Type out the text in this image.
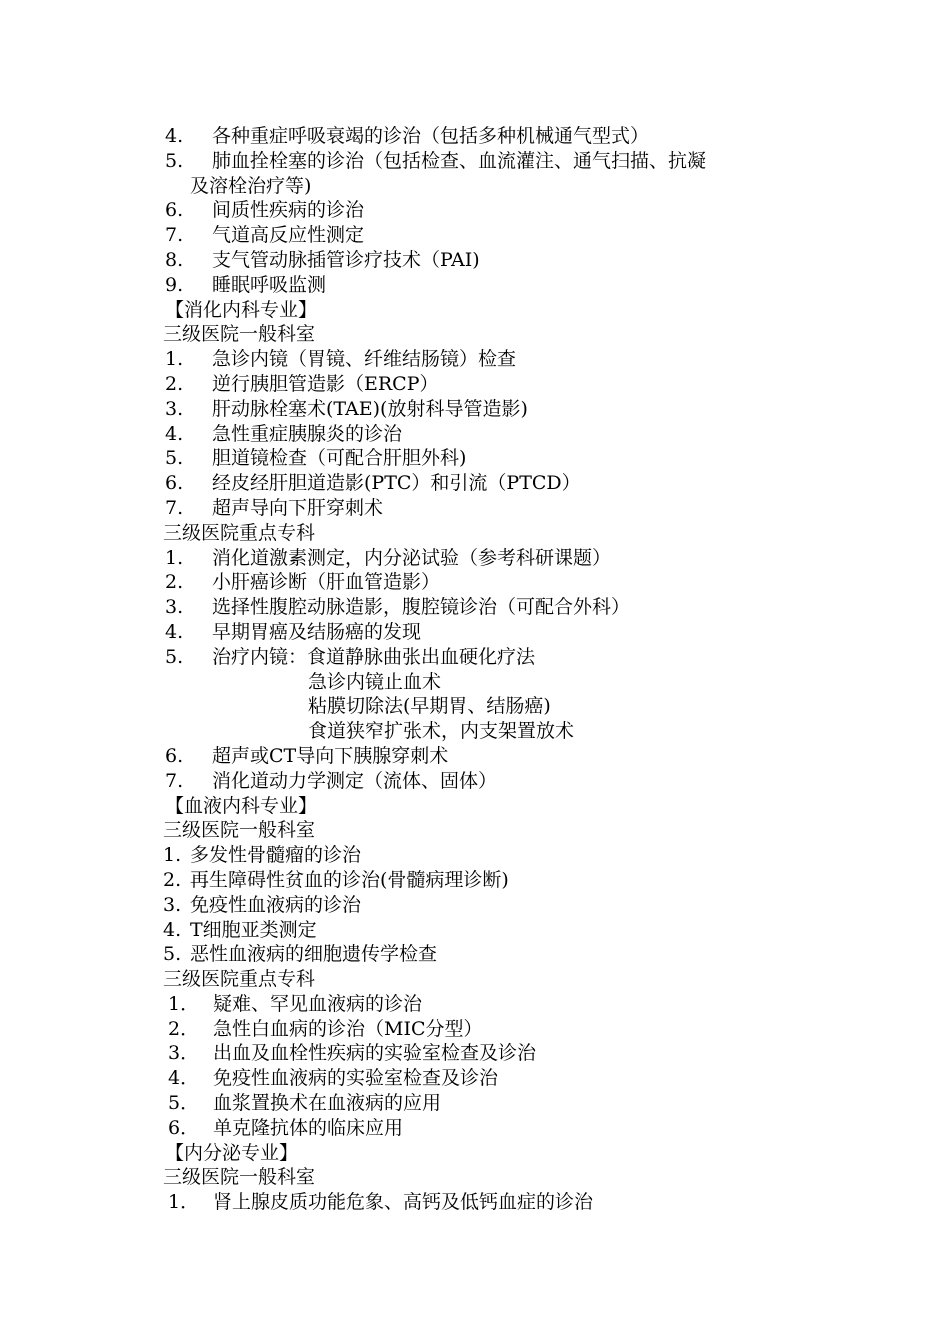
4. 各种重症呼吸衰竭的诊治（包括多种机械通气型式）
5. 肺血拴栓塞的诊治（包括检查、血流灌注、通气扫描、抗凝
及溶栓治疗等)
6. 间质性疾病的诊治
7. 气道高反应性测定
8. 支气管动脉插管诊疗技术（PAI)
9. 睡眠呼吸监测
【消化内科专业】
三级医院一般科室
1. 急诊内镜（胃镜、纤维结肠镜）检查
2. 逆行胰胆管造影（ERCP）
3. 肝动脉栓塞术(TAE)(放射科导管造影)
4. 急性重症胰腺炎的诊治
5. 胆道镜检查（可配合肝胆外科)
6. 经皮经肝胆道造影(PTC）和引流（PTCD）
7. 超声导向下肝穿刺术
三级医院重点专科
1. 消化道激素测定，内分泌试验（参考科研课题）
2. 小肝癌诊断（肝血管造影）
3. 选择性腹腔动脉造影，腹腔镜诊治（可配合外科）
4. 早期胃癌及结肠癌的发现
5. 治疗内镜：食道静脉曲张出血硬化疗法
急诊内镜止血术
粘膜切除法(早期胃、结肠癌)
食道狭窄扩张术，内支架置放术
6. 超声或CT导向下胰腺穿刺术
7. 消化道动力学测定（流体、固体）
【血液内科专业】
三级医院一般科室
1. 多发性骨髓瘤的诊治
2. 再生障碍性贫血的诊治(骨髓病理诊断)
3. 免疫性血液病的诊治
4. T细胞亚类测定
5. 恶性血液病的细胞遗传学检查
三级医院重点专科
1． 疑难、罕见血液病的诊治
2． 急性白血病的诊治（MIC分型）
3． 出血及血栓性疾病的实验室检查及诊治
4． 免疫性血液病的实验室检查及诊治
5． 血浆置换术在血液病的应用
6． 单克隆抗体的临床应用
【内分泌专业】
三级医院一般科室
1． 肾上腺皮质功能危象、高钙及低钙血症的诊治
